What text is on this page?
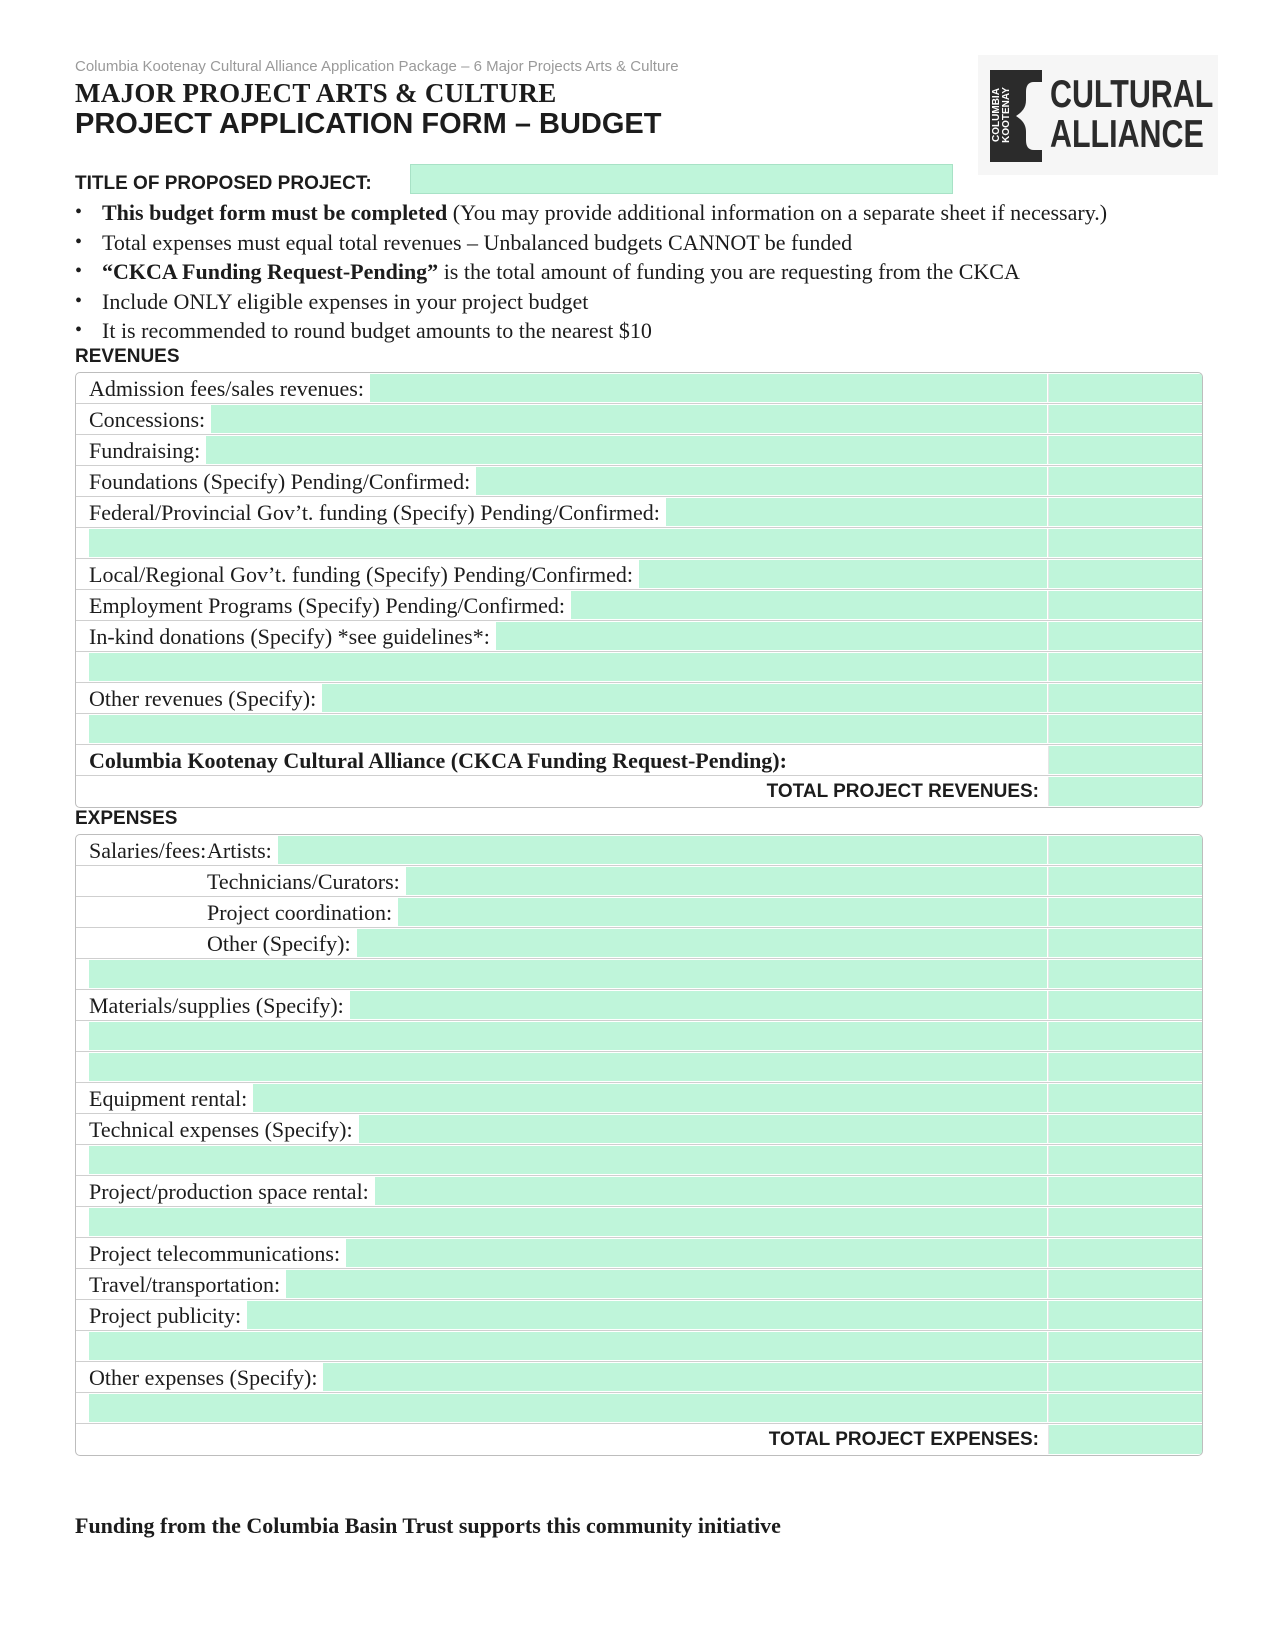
Columbia Kootenay Cultural Alliance Application Package – 6 Major Projects Arts & Culture
MAJOR PROJECT ARTS & CULTURE
PROJECT APPLICATION FORM – BUDGET	COLUMBIA KOOTENAY CULTURAL
ALLIANCE
TITLE OF PROPOSED PROJECT:
• This budget form must be completed (You may provide additional information on a separate sheet if necessary.)
• Total expenses must equal total revenues – Unbalanced budgets CANNOT be funded
• “CKCA Funding Request-Pending” is the total amount of funding you are requesting from the CKCA
• Include ONLY eligible expenses in your project budget
• It is recommended to round budget amounts to the nearest $10
REVENUES
Admission fees/sales revenues:
Concessions:
Fundraising:
Foundations (Specify) Pending/Confirmed:
Federal/Provincial Gov’t. funding (Specify) Pending/Confirmed:
Local/Regional Gov’t. funding (Specify) Pending/Confirmed:
Employment Programs (Specify) Pending/Confirmed:
In-kind donations (Specify) *see guidelines*:
Other revenues (Specify):
Columbia Kootenay Cultural Alliance (CKCA Funding Request-Pending):
TOTAL PROJECT REVENUES:
EXPENSES
Salaries/fees: Artists:
Technicians/Curators:
Project coordination:
Other (Specify):
Materials/supplies (Specify):
Equipment rental:
Technical expenses (Specify):
Project/production space rental:
Project telecommunications:
Travel/transportation:
Project publicity:
Other expenses (Specify):
TOTAL PROJECT EXPENSES:
Funding from the Columbia Basin Trust supports this community initiative
